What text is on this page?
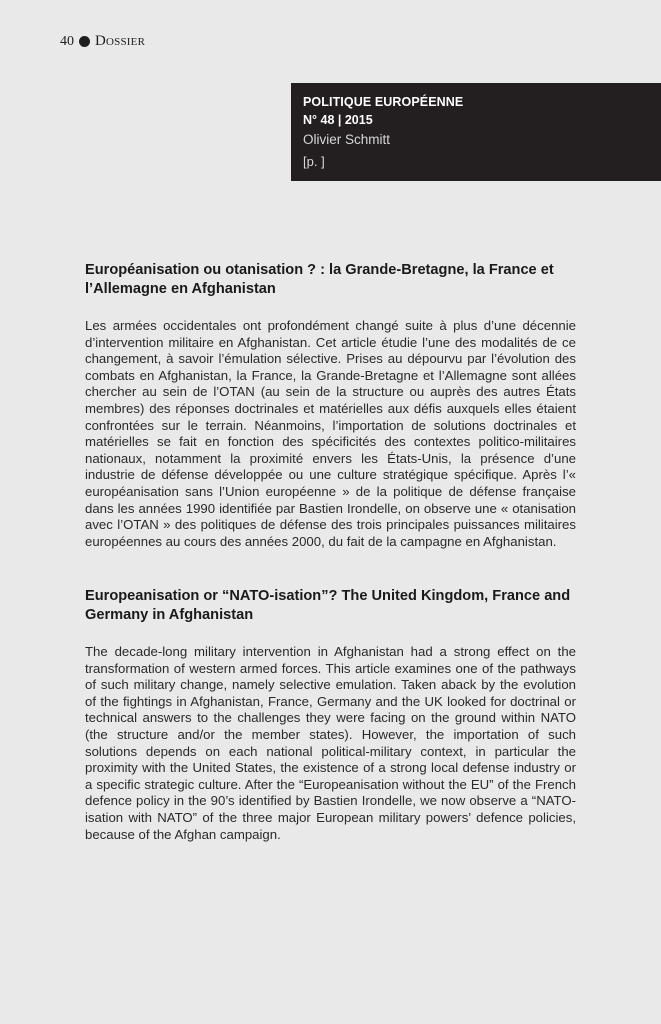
40 Dossier
POLITIQUE EUROPÉENNE
N° 48 | 2015
Olivier Schmitt
[p. ]
Européanisation ou otanisation ? : la Grande-Bretagne, la France et l’Allemagne en Afghanistan

Les armées occidentales ont profondément changé suite à plus d’une décennie d’intervention militaire en Afghanistan. Cet article étudie l’une des modalités de ce changement, à savoir l’émulation sélective. Prises au dépourvu par l’évolution des combats en Afghanistan, la France, la Grande-Bretagne et l’Allemagne sont allées chercher au sein de l’OTAN (au sein de la structure ou auprès des autres États membres) des réponses doctrinales et matérielles aux défis auxquels elles étaient confrontées sur le terrain. Néanmoins, l’importation de solutions doctrinales et matérielles se fait en fonction des spécificités des contextes politico-militaires nationaux, notamment la proximité envers les États-Unis, la présence d’une industrie de défense développée ou une culture stratégique spécifique. Après l’« européanisation sans l’Union européenne » de la politique de défense française dans les années 1990 identifiée par Bastien Irondelle, on observe une « otanisation avec l’OTAN » des politiques de défense des trois principales puissances militaires européennes au cours des années 2000, du fait de la campagne en Afghanistan.

Europeanisation or “NATO-isation”? The United Kingdom, France and Germany in Afghanistan

The decade-long military intervention in Afghanistan had a strong effect on the transformation of western armed forces. This article examines one of the pathways of such military change, namely selective emulation. Taken aback by the evolution of the fightings in Afghanistan, France, Germany and the UK looked for doctrinal or technical answers to the challenges they were facing on the ground within NATO (the structure and/or the member states). However, the importation of such solutions depends on each national political-military context, in particular the proximity with the United States, the existence of a strong local defense industry or a specific strategic culture. After the “Europeanisation without the EU” of the French defence policy in the 90’s identified by Bastien Irondelle, we now observe a “NATO-isation with NATO” of the three major European military powers’ defence policies, because of the Afghan campaign.
